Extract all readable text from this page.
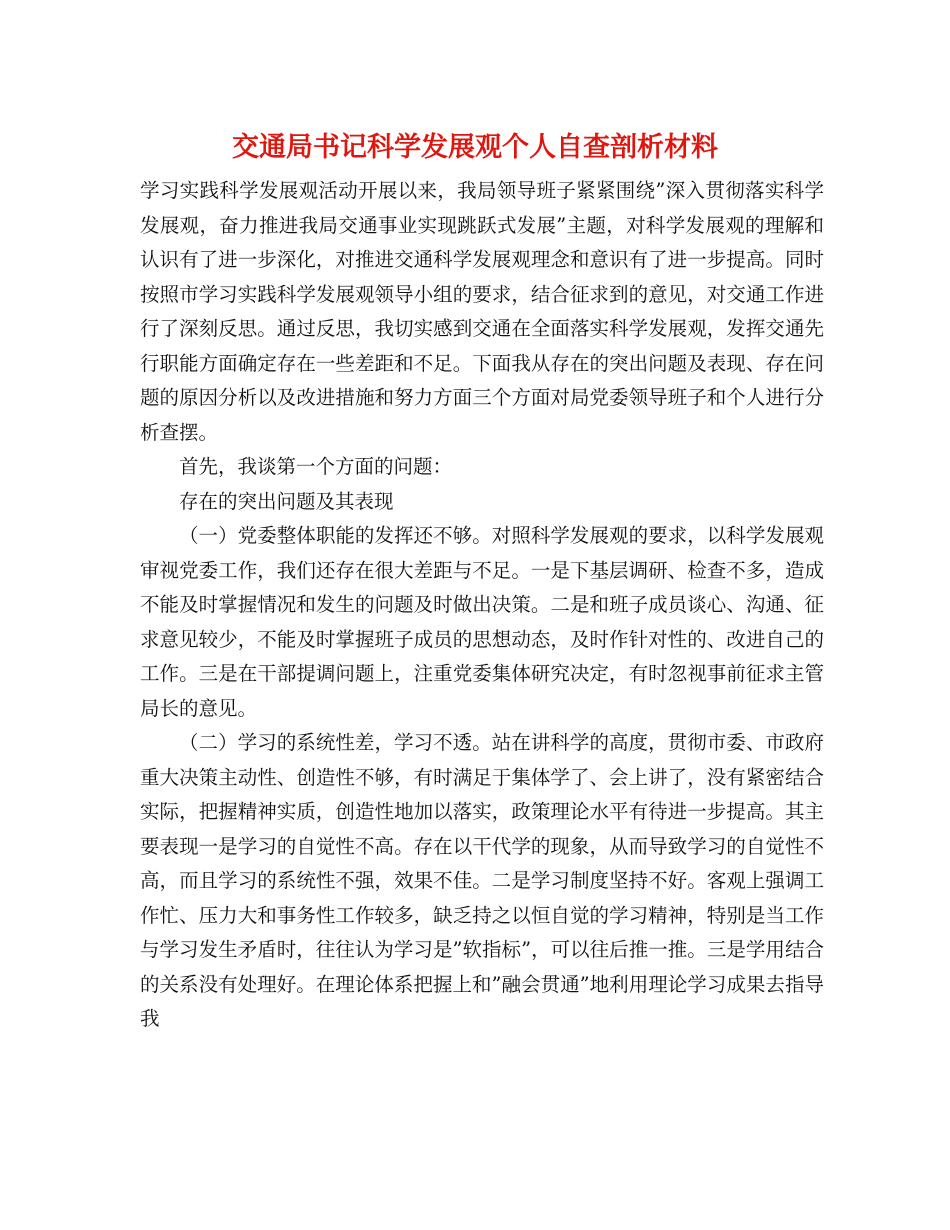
交通局书记科学发展观个人自查剖析材料

学习实践科学发展观活动开展以来，我局领导班子紧紧围绕”深入贯彻落实科学发展观，奋力推进我局交通事业实现跳跃式发展”主题，对科学发展观的理解和认识有了进一步深化，对推进交通科学发展观理念和意识有了进一步提高。同时按照市学习实践科学发展观领导小组的要求，结合征求到的意见，对交通工作进行了深刻反思。通过反思，我切实感到交通在全面落实科学发展观，发挥交通先行职能方面确定存在一些差距和不足。下面我从存在的突出问题及表现、存在问题的原因分析以及改进措施和努力方面三个方面对局党委领导班子和个人进行分析查摆。

首先，我谈第一个方面的问题：

存在的突出问题及其表现

（一）党委整体职能的发挥还不够。对照科学发展观的要求，以科学发展观审视党委工作，我们还存在很大差距与不足。一是下基层调研、检查不多，造成不能及时掌握情况和发生的问题及时做出决策。二是和班子成员谈心、沟通、征求意见较少，不能及时掌握班子成员的思想动态，及时作针对性的、改进自己的工作。三是在干部提调问题上，注重党委集体研究决定，有时忽视事前征求主管局长的意见。

（二）学习的系统性差，学习不透。站在讲科学的高度，贯彻市委、市政府重大决策主动性、创造性不够，有时满足于集体学了、会上讲了，没有紧密结合实际，把握精神实质，创造性地加以落实，政策理论水平有待进一步提高。其主要表现一是学习的自觉性不高。存在以干代学的现象，从而导致学习的自觉性不高，而且学习的系统性不强，效果不佳。二是学习制度坚持不好。客观上强调工作忙、压力大和事务性工作较多，缺乏持之以恒自觉的学习精神，特别是当工作与学习发生矛盾时，往往认为学习是”软指标”，可以往后推一推。三是学用结合的关系没有处理好。在理论体系把握上和”融会贯通”地利用理论学习成果去指导我
